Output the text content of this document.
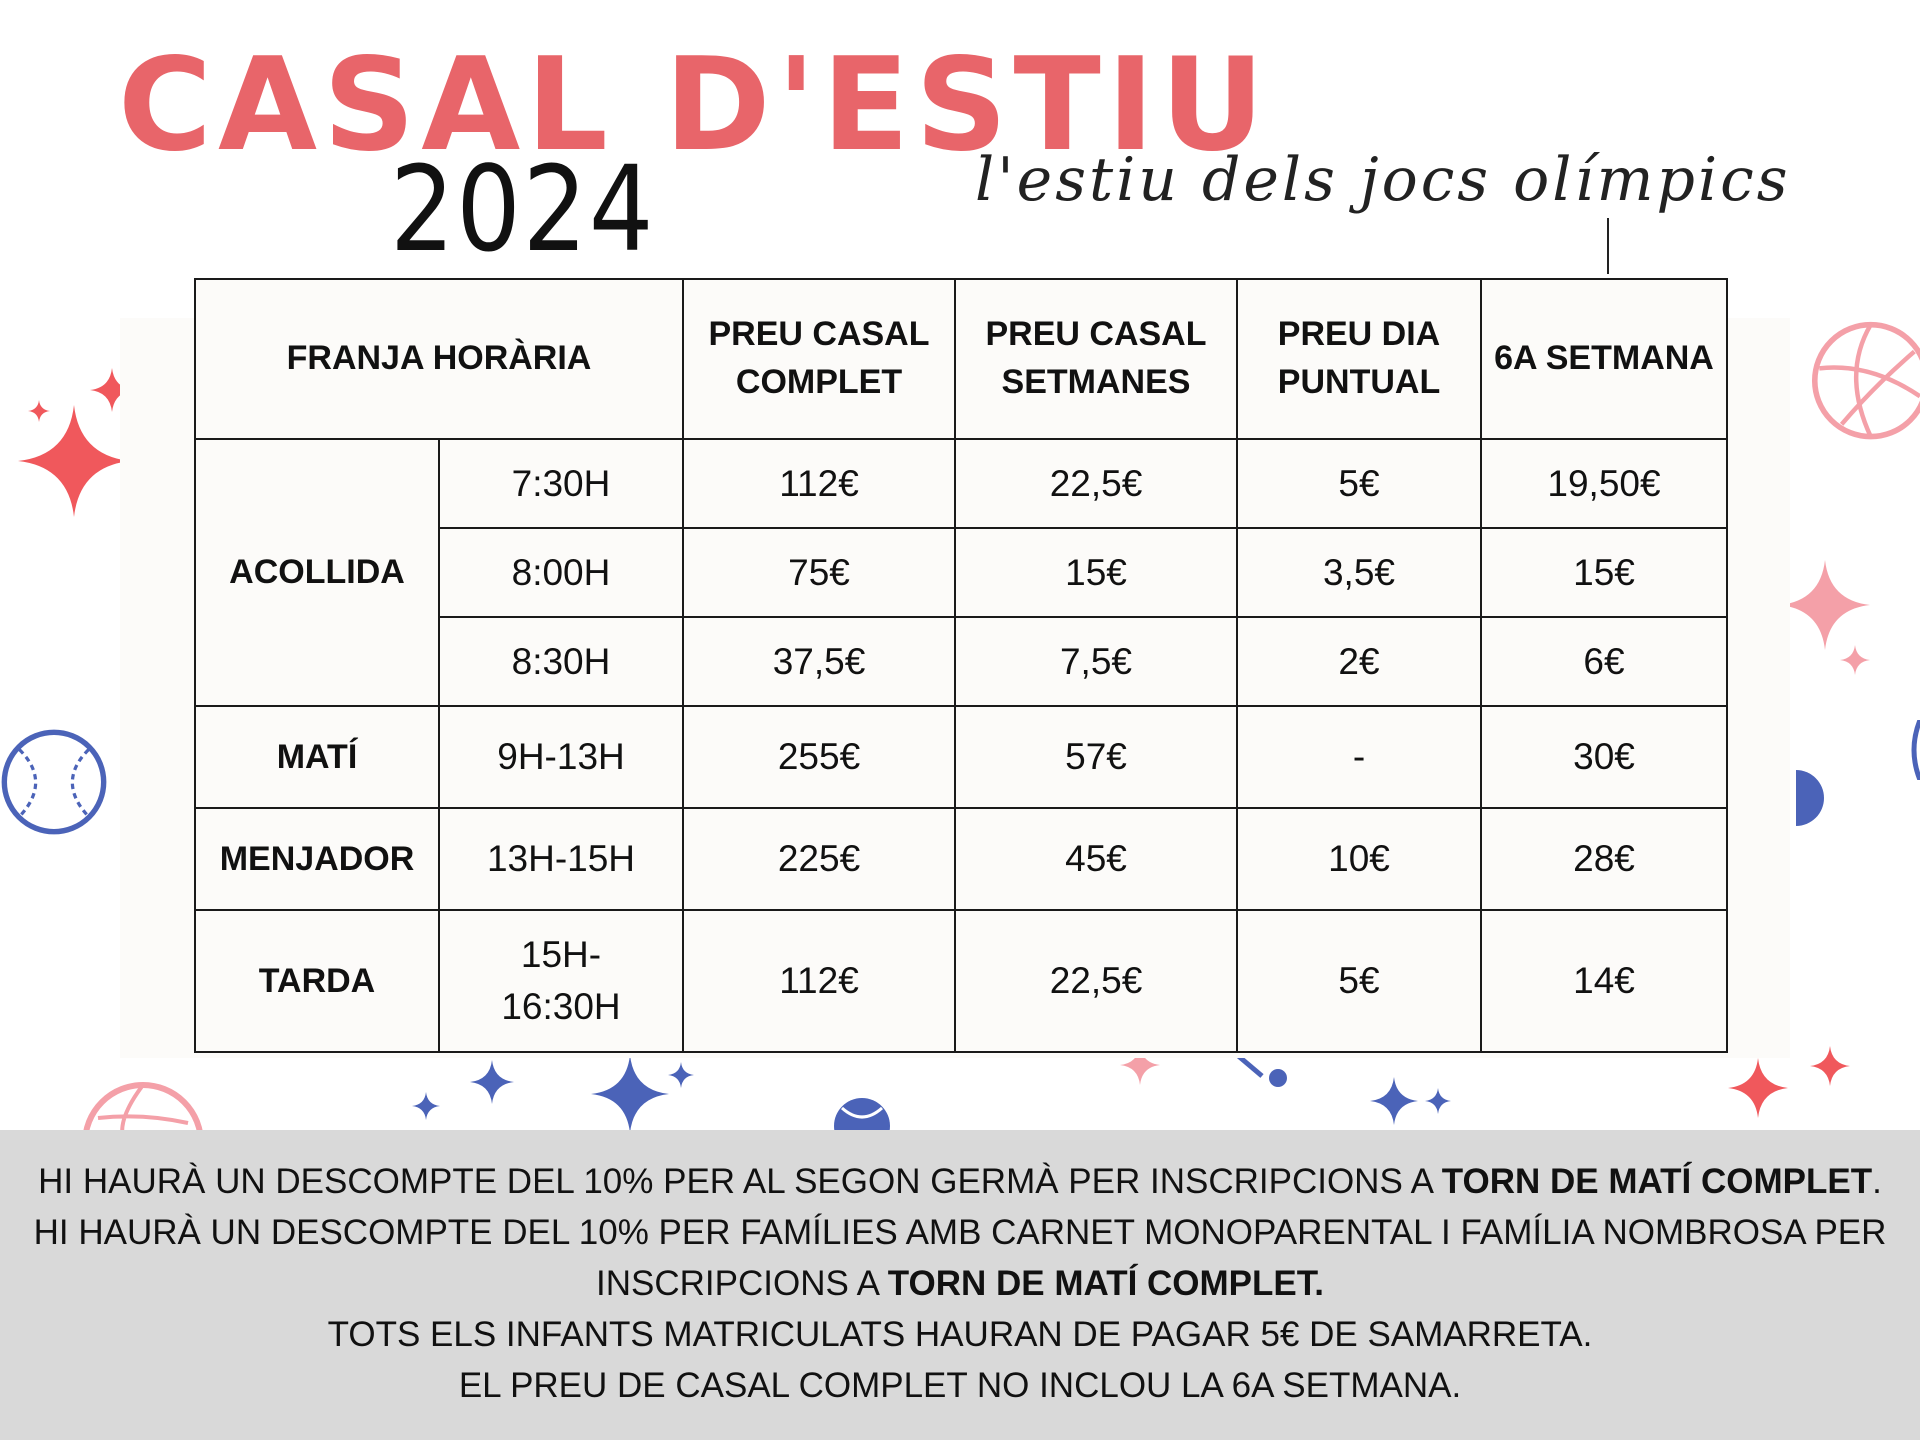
CASAL D'ESTIU
2024	l'estiu dels jocs olímpics
FRANJA HORÀRIA		PREU CASAL COMPLET	PREU CASAL SETMANES	PREU DIA PUNTUAL	6A SETMANA
ACOLLIDA	7:30H	112€	22,5€	5€	19,50€
	8:00H	75€	15€	3,5€	15€
	8:30H	37,5€	7,5€	2€	6€
MATÍ	9H-13H	255€	57€	-	30€
MENJADOR	13H-15H	225€	45€	10€	28€
TARDA	15H-16:30H	112€	22,5€	5€	14€
HI HAURÀ UN DESCOMPTE DEL 10% PER AL SEGON GERMÀ PER INSCRIPCIONS A TORN DE MATÍ COMPLET.
HI HAURÀ UN DESCOMPTE DEL 10% PER FAMÍLIES AMB CARNET MONOPARENTAL I FAMÍLIA NOMBROSA PER
INSCRIPCIONS A TORN DE MATÍ COMPLET.
TOTS ELS INFANTS MATRICULATS HAURAN DE PAGAR 5€ DE SAMARRETA.
EL PREU DE CASAL COMPLET NO INCLOU LA 6A SETMANA.
